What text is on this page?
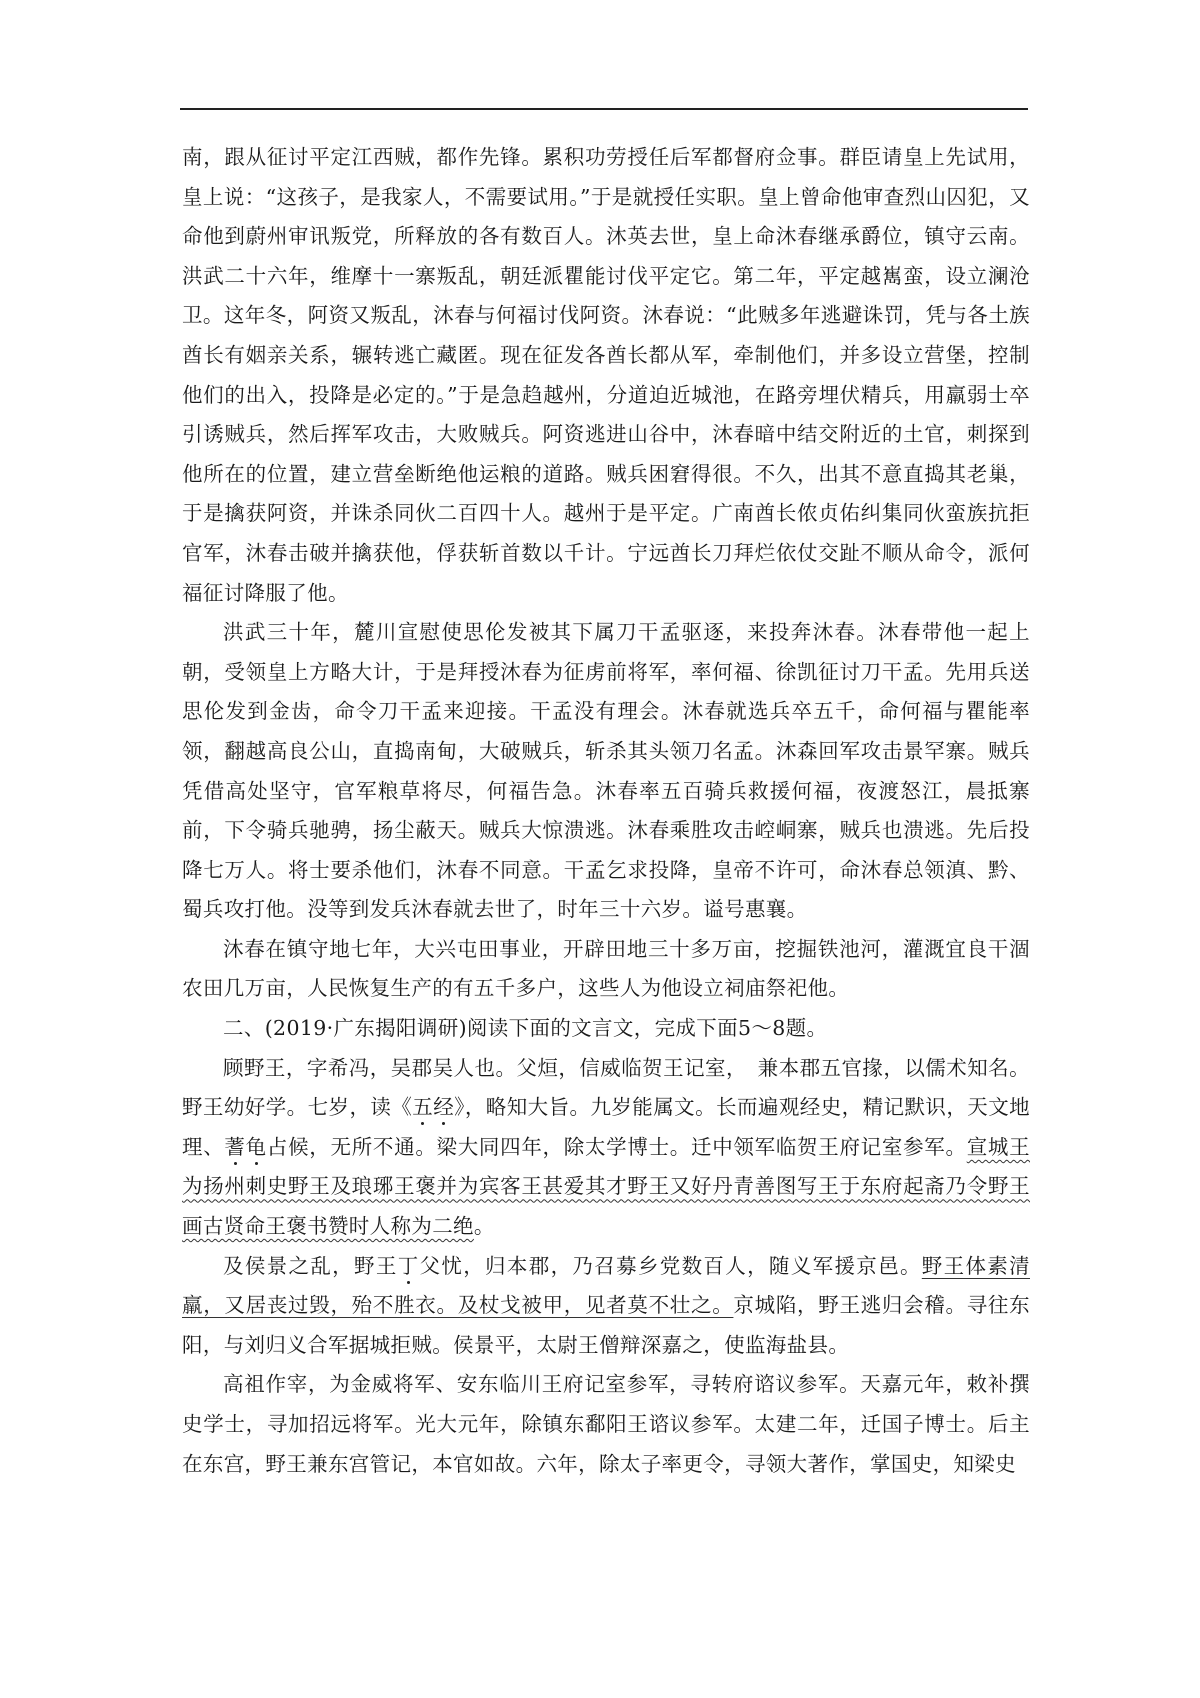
南，跟从征讨平定江西贼，都作先锋。累积功劳授任后军都督府佥事。群臣请皇上先试用，皇上说：“这孩子，是我家人，不需要试用。”于是就授任实职。皇上曾命他审查烈山囚犯，又命他到蔚州审讯叛党，所释放的各有数百人。沐英去世，皇上命沐春继承爵位，镇守云南。洪武二十六年，维摩十一寨叛乱，朝廷派瞿能讨伐平定它。第二年，平定越嶲蛮，设立澜沧卫。这年冬，阿资又叛乱，沐春与何福讨伐阿资。沐春说：“此贼多年逃避诛罚，凭与各土族酋长有姻亲关系，辗转逃亡藏匿。现在征发各酋长都从军，牵制他们，并多设立营堡，控制他们的出入，投降是必定的。”于是急趋越州，分道迫近城池，在路旁埋伏精兵，用羸弱士卒引诱贼兵，然后挥军攻击，大败贼兵。阿资逃进山谷中，沐春暗中结交附近的土官，刺探到他所在的位置，建立营垒断绝他运粮的道路。贼兵困窘得很。不久，出其不意直捣其老巢，于是擒获阿资，并诛杀同伙二百四十人。越州于是平定。广南酋长侬贞佑纠集同伙蛮族抗拒官军，沐春击破并擒获他，俘获斩首数以千计。宁远酋长刀拜烂依仗交趾不顺从命令，派何福征讨降服了他。

洪武三十年，麓川宣慰使思伦发被其下属刀干孟驱逐，来投奔沐春。沐春带他一起上朝，受领皇上方略大计，于是拜授沐春为征虏前将军，率何福、徐凯征讨刀干孟。先用兵送思伦发到金齿，命令刀干孟来迎接。干孟没有理会。沐春就选兵卒五千，命何福与瞿能率领，翻越高良公山，直捣南甸，大破贼兵，斩杀其头领刀名孟。沐森回军攻击景罕寨。贼兵凭借高处坚守，官军粮草将尽，何福告急。沐春率五百骑兵救援何福，夜渡怒江，晨抵寨前，下令骑兵驰骋，扬尘蔽天。贼兵大惊溃逃。沐春乘胜攻击崆峒寨，贼兵也溃逃。先后投降七万人。将士要杀他们，沐春不同意。干孟乞求投降，皇帝不许可，命沐春总领滇、黔、蜀兵攻打他。没等到发兵沐春就去世了，时年三十六岁。谥号惠襄。

沐春在镇守地七年，大兴屯田事业，开辟田地三十多万亩，挖掘铁池河，灌溉宜良干涸农田几万亩，人民恢复生产的有五千多户，这些人为他设立祠庙祭祀他。

二、(2019·广东揭阳调研)阅读下面的文言文，完成下面5～8题。

顾野王，字希冯，吴郡吴人也。父烜，信威临贺王记室，　兼本郡五官掾，以儒术知名。野王幼好学。七岁，读《五经》，略知大旨。九岁能属文。长而遍观经史，精记默识，天文地理、蓍龟占候，无所不通。梁大同四年，除太学博士。迁中领军临贺王府记室参军。宣城王为扬州刺史野王及琅琊王褒并为宾客王甚爱其才野王又好丹青善图写王于东府起斋乃令野王画古贤命王褒书赞时人称为二绝。

及侯景之乱，野王丁父忧，归本郡，乃召募乡党数百人，随义军援京邑。野王体素清羸，又居丧过毁，殆不胜衣。及杖戈被甲，见者莫不壮之。京城陷，野王逃归会稽。寻往东阳，与刘归义合军据城拒贼。侯景平，太尉王僧辩深嘉之，使监海盐县。

高祖作宰，为金威将军、安东临川王府记室参军，寻转府谘议参军。天嘉元年，敕补撰史学士，寻加招远将军。光大元年，除镇东鄱阳王谘议参军。太建二年，迁国子博士。后主在东宫，野王兼东宫管记，本官如故。六年，除太子率更令，寻领大著作，掌国史，知梁史
